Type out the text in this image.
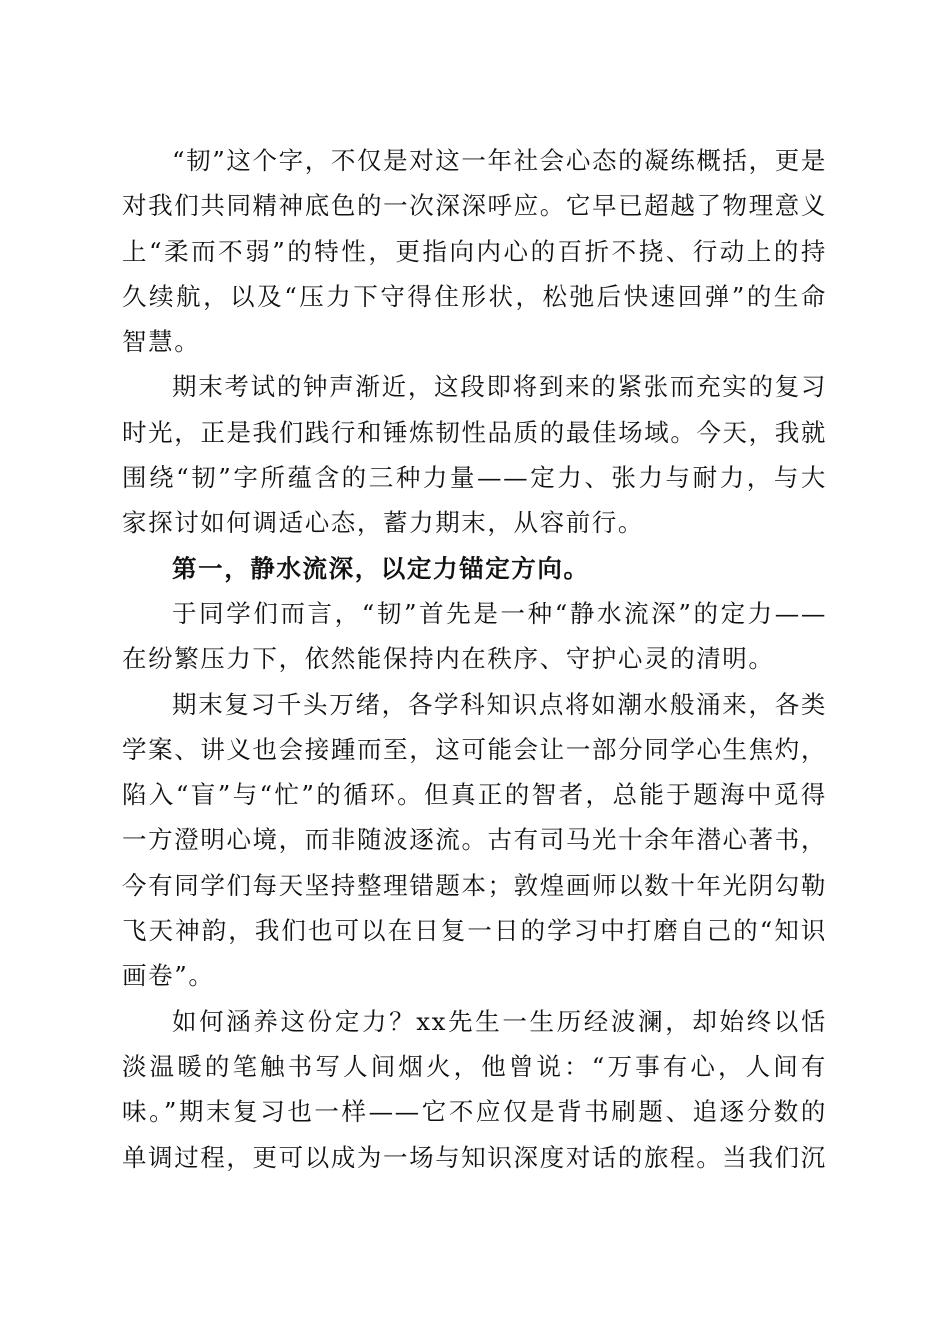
“韧”这个字，不仅是对这一年社会心态的凝练概括，更是对我们共同精神底色的一次深深呼应。它早已超越了物理意义上“柔而不弱”的特性，更指向内心的百折不挠、行动上的持久续航，以及“压力下守得住形状，松弛后快速回弹”的生命智慧。

期末考试的钟声渐近，这段即将到来的紧张而充实的复习时光，正是我们践行和锤炼韧性品质的最佳场域。今天，我就围绕“韧”字所蕴含的三种力量——定力、张力与耐力，与大家探讨如何调适心态，蓄力期末，从容前行。

第一，静水流深，以定力锚定方向。

于同学们而言，“韧”首先是一种“静水流深”的定力——在纷繁压力下，依然能保持内在秩序、守护心灵的清明。

期末复习千头万绪，各学科知识点将如潮水般涌来，各类学案、讲义也会接踵而至，这可能会让一部分同学心生焦灼，陷入“盲”与“忙”的循环。但真正的智者，总能于题海中觅得一方澄明心境，而非随波逐流。古有司马光十余年潜心著书，今有同学们每天坚持整理错题本；敦煌画师以数十年光阴勾勒飞天神韵，我们也可以在日复一日的学习中打磨自己的“知识画卷”。

如何涵养这份定力？xx先生一生历经波澜，却始终以恬淡温暖的笔触书写人间烟火，他曾说：“万事有心，人间有味。”期末复习也一样——它不应仅是背书刷题、追逐分数的单调过程，更可以成为一场与知识深度对话的旅程。当我们沉
